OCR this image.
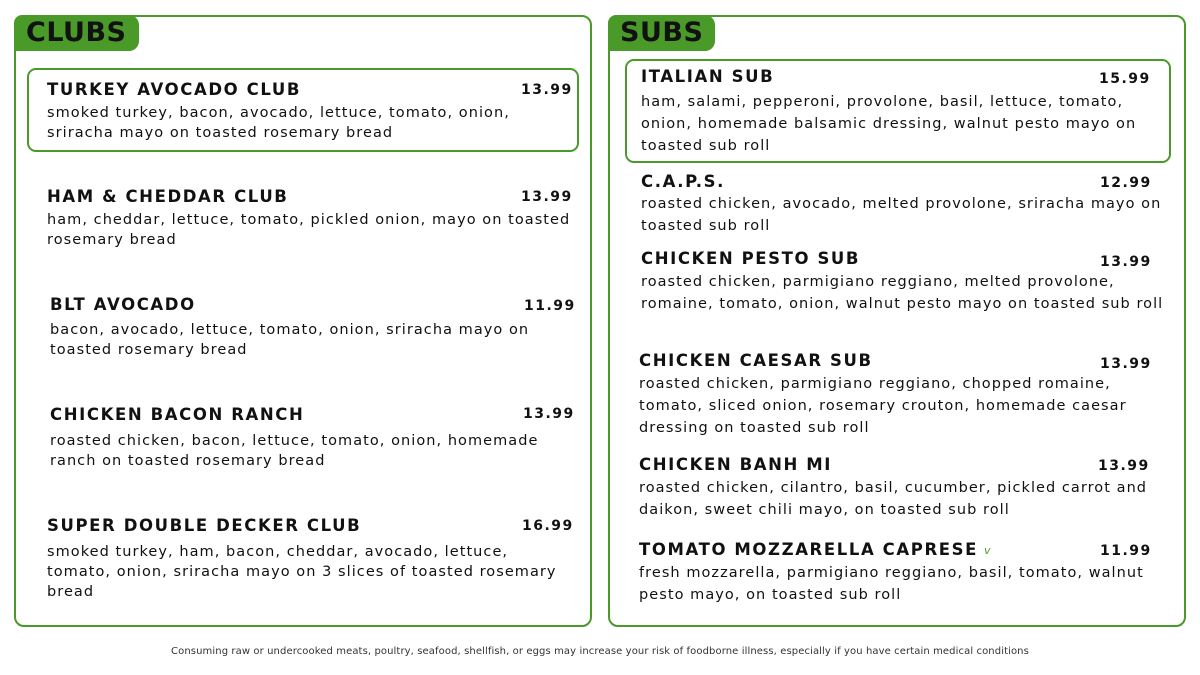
CLUBS
TURKEY AVOCADO CLUB	13.99
smoked turkey, bacon, avocado, lettuce, tomato, onion, sriracha mayo on toasted rosemary bread
HAM & CHEDDAR CLUB	13.99
ham, cheddar, lettuce, tomato, pickled onion, mayo on toasted rosemary bread
BLT AVOCADO	11.99
bacon, avocado, lettuce, tomato, onion, sriracha mayo on toasted rosemary bread
CHICKEN BACON RANCH	13.99
roasted chicken, bacon, lettuce, tomato, onion, homemade ranch on toasted rosemary bread
SUPER DOUBLE DECKER CLUB	16.99
smoked turkey, ham, bacon, cheddar, avocado, lettuce, tomato, onion, sriracha mayo on 3 slices of toasted rosemary bread
SUBS
ITALIAN SUB	15.99
ham, salami, pepperoni, provolone, basil, lettuce, tomato, onion, homemade balsamic dressing, walnut pesto mayo on toasted sub roll
C.A.P.S.	12.99
roasted chicken, avocado, melted provolone, sriracha mayo on toasted sub roll
CHICKEN PESTO SUB	13.99
roasted chicken, parmigiano reggiano, melted provolone, romaine, tomato, onion, walnut pesto mayo on toasted sub roll
CHICKEN CAESAR SUB	13.99
roasted chicken, parmigiano reggiano, chopped romaine, tomato, sliced onion, rosemary crouton, homemade caesar dressing on toasted sub roll
CHICKEN BANH MI	13.99
roasted chicken, cilantro, basil, cucumber, pickled carrot and daikon, sweet chili mayo, on toasted sub roll
TOMATO MOZZARELLA CAPRESE v	11.99
fresh mozzarella, parmigiano reggiano, basil, tomato, walnut pesto mayo, on toasted sub roll
Consuming raw or undercooked meats, poultry, seafood, shellfish, or eggs may increase your risk of foodborne illness, especially if you have certain medical conditions
